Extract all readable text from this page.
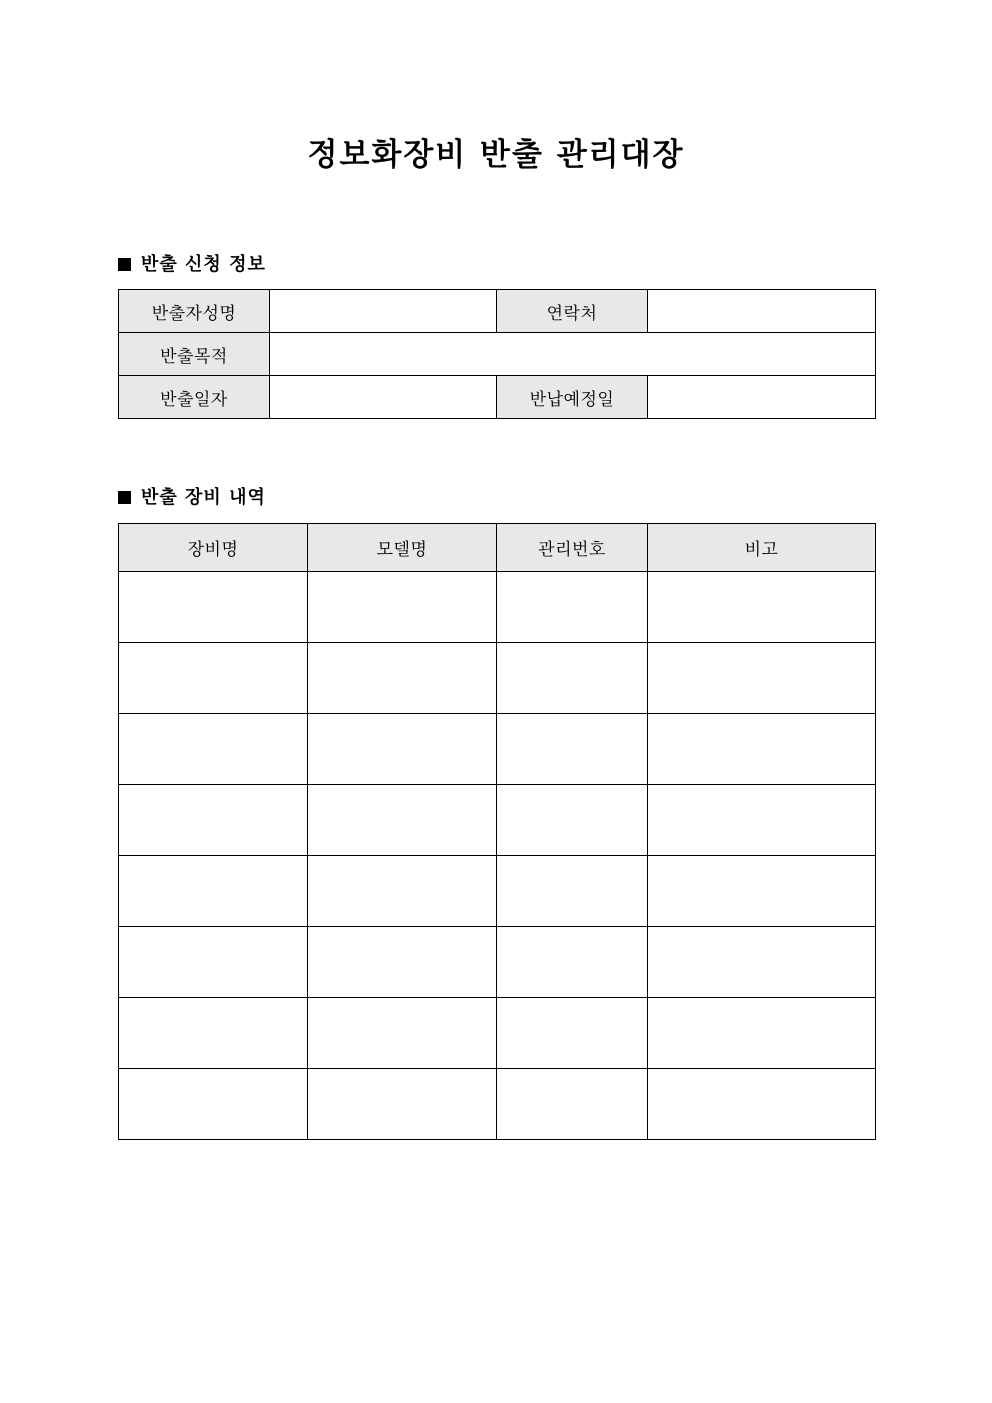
정보화장비 반출 관리대장
반출 신청 정보
반출자성명		연락처	
반출목적			
반출일자		반납예정일	
반출 장비 내역
장비명	모델명	관리번호	비고
